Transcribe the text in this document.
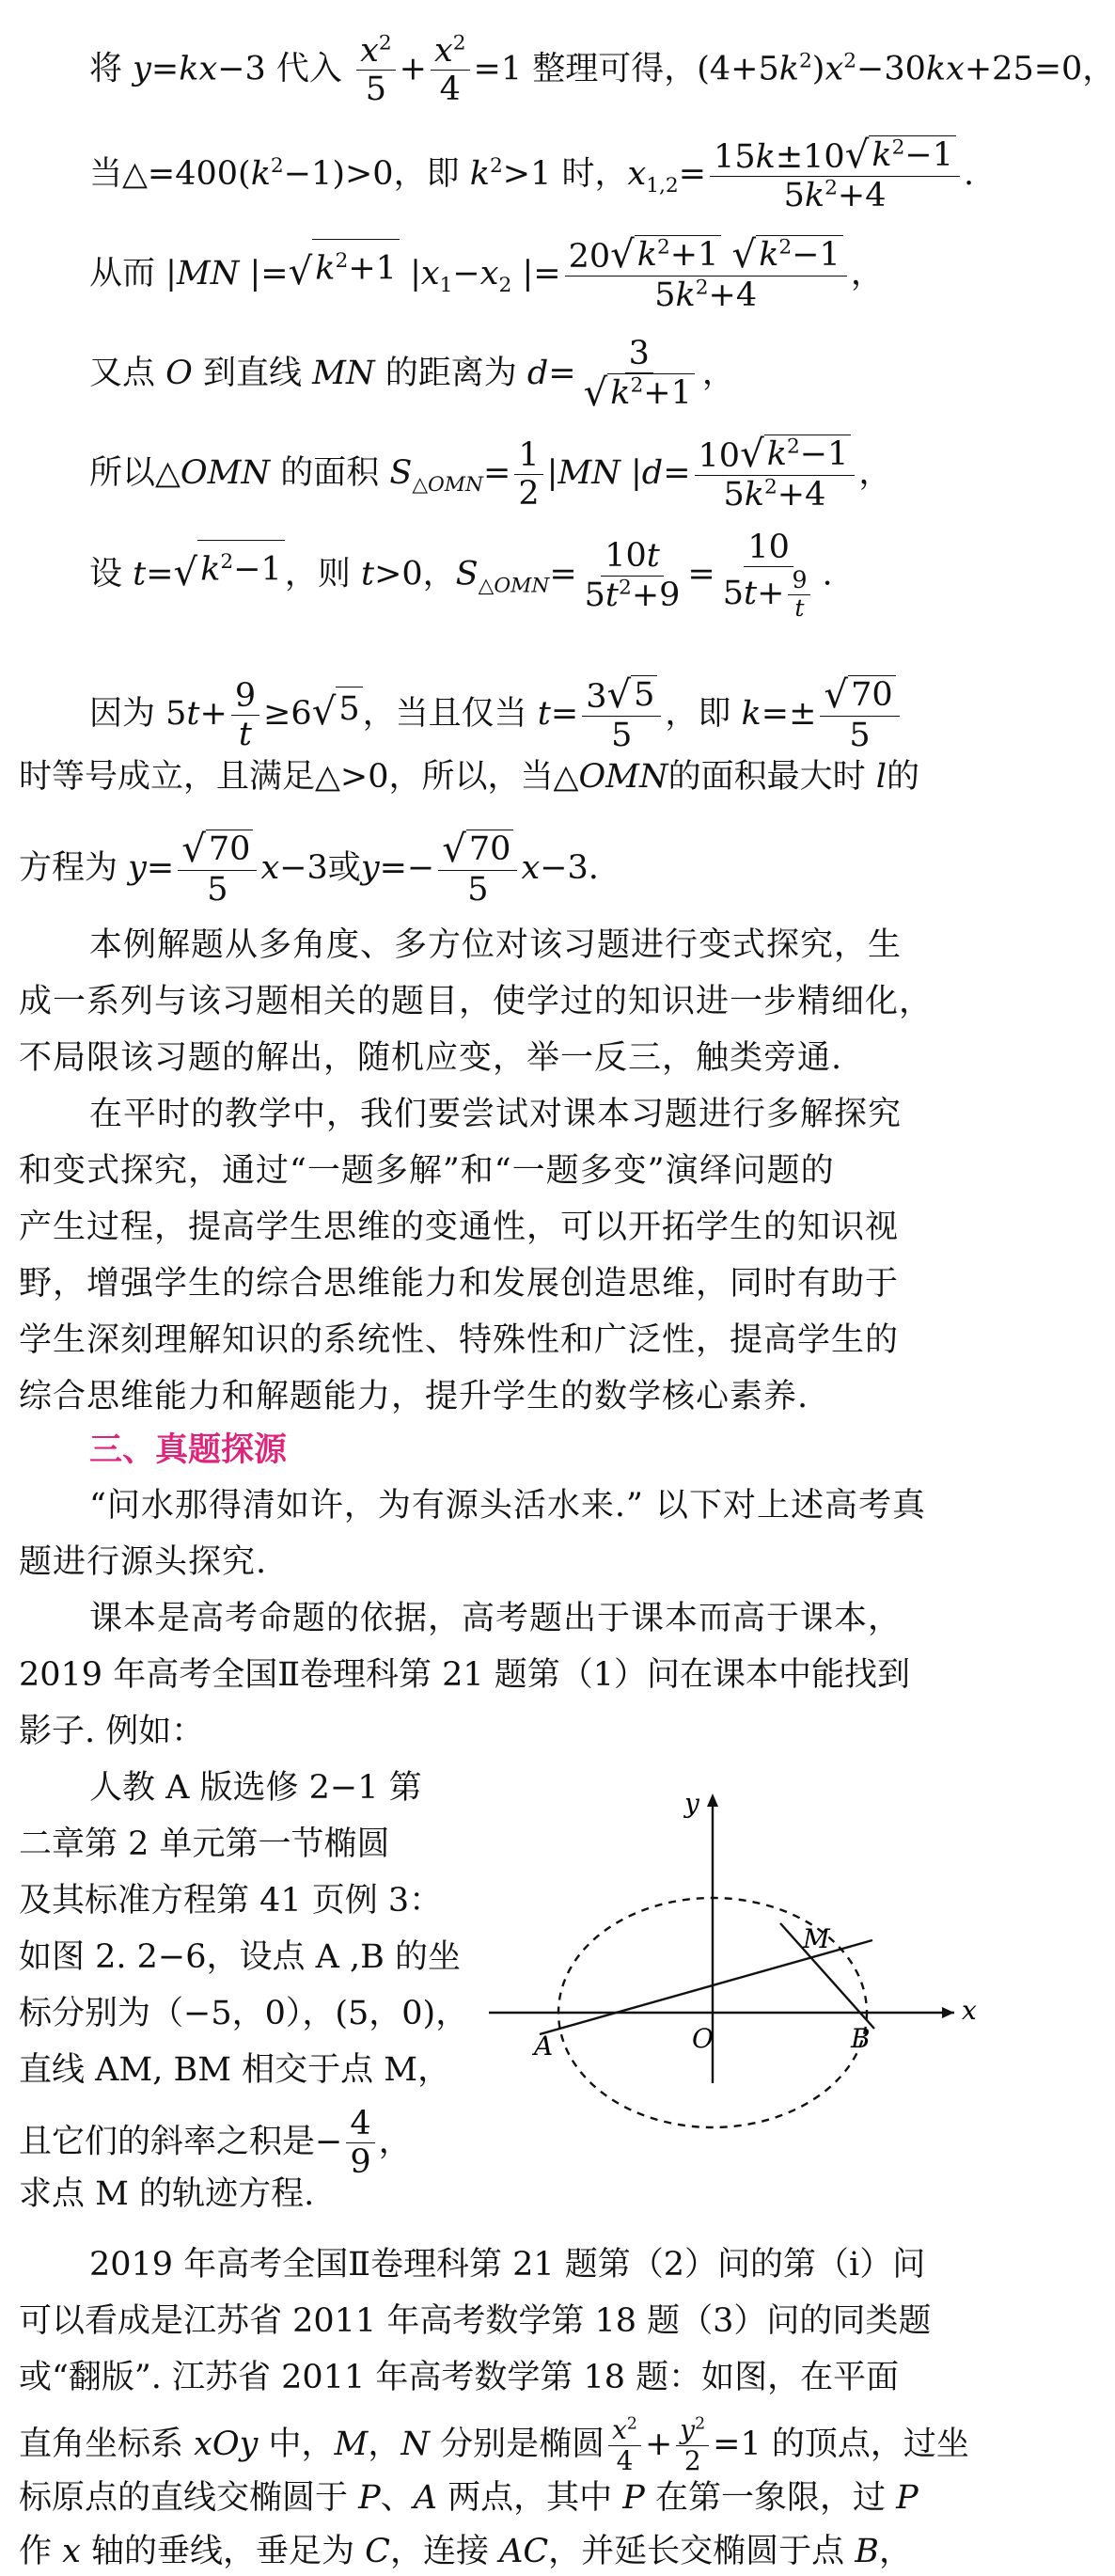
将 y=kx−3 代入 $\frac{x^2}{5} + \frac{x^2}{4} =1$ 整理可得，$(4+5k^2)x^2-30kx+25=0$，
当$\triangle=400(k^2-1)>0$，即 $k^2>1$ 时，$x_{1,2}= \frac{15k\pm 10 √ k^2-1}{5k^2+4}$ .
从而 |MN |= √ $k^2+1$ $|x_1-x_2$ |= 20 √ $k^2+1$
√ $k^2-1$
$5k^2+4$ ，
又点 O 到直线 MN 的距离为 $d= \frac{3}{√ k^2+1}$ ，
所以△OMN 的面积 $S_{\triangle OMN}= \frac{1}{2} |MN$ $|d= \frac{10 √ k^2-1}{5k^2+4}$ ，
设 t= √ $k^2-1$ ，则 t>0，$S_{\triangle OMN}= \frac{10t}{5t^2+9} = \frac{10}{5t+ \frac{9}{t}}$ .
因为 $5t+ \frac{9}{t} \ge 6$ √ 5 ，当且仅当 $t= \frac{3 √ 5}{5}$ ，即 $k=\pm \frac{√ 70}{5}$
时等号成立，且满足△>0，所以，当△OMN的面积最大时 l的
方程为 $y= \frac{√ 70}{5} x-3$或$y=- \frac{√ 70}{5} x-3$.
本例解题从多角度、多方位对该习题进行变式探究，生
成一系列与该习题相关的题目，使学过的知识进一步精细化，
不局限该习题的解出，随机应变，举一反三，触类旁通.
在平时的教学中，我们要尝试对课本习题进行多解探究
和变式探究，通过“一题多解”和“一题多变”演绎问题的
产生过程，提高学生思维的变通性，可以开拓学生的知识视
野，增强学生的综合思维能力和发展创造思维，同时有助于
学生深刻理解知识的系统性、特殊性和广泛性，提高学生的
综合思维能力和解题能力，提升学生的数学核心素养.
三、真题探源
“问水那得清如许，为有源头活水来.” 以下对上述高考真
题进行源头探究.
课本是高考命题的依据，高考题出于课本而高于课本，
2019 年高考全国Ⅱ卷理科第 21 题第（1）问在课本中能找到
影子. 例如：
人教 A 版选修 2−1 第
二章第 2 单元第一节椭圆
及其标准方程第 41 页例 3：
如图 2. 2−6，设点 A ,B 的坐
标分别为（−5，0），(5，0)，
直线 AM, BM 相交于点 M，
且它们的斜率之积是− $\frac{4}{9}$ ，
求点 M 的轨迹方程.
x
y
O
A	B
M
2019 年高考全国Ⅱ卷理科第 21 题第（2）问的第（i）问
可以看成是江苏省 2011 年高考数学第 18 题（3）问的同类题
或“翻版”. 江苏省 2011 年高考数学第 18 题：如图，在平面
直角坐标系 xOy 中，M，N 分别是椭圆 $\frac{x^2}{4} + \frac{y^2}{2} =1$ 的顶点，过坐
标原点的直线交椭圆于 P、A 两点，其中 P 在第一象限，过 P
作 x 轴的垂线，垂足为 C，连接 AC，并延长交椭圆于点 B，
